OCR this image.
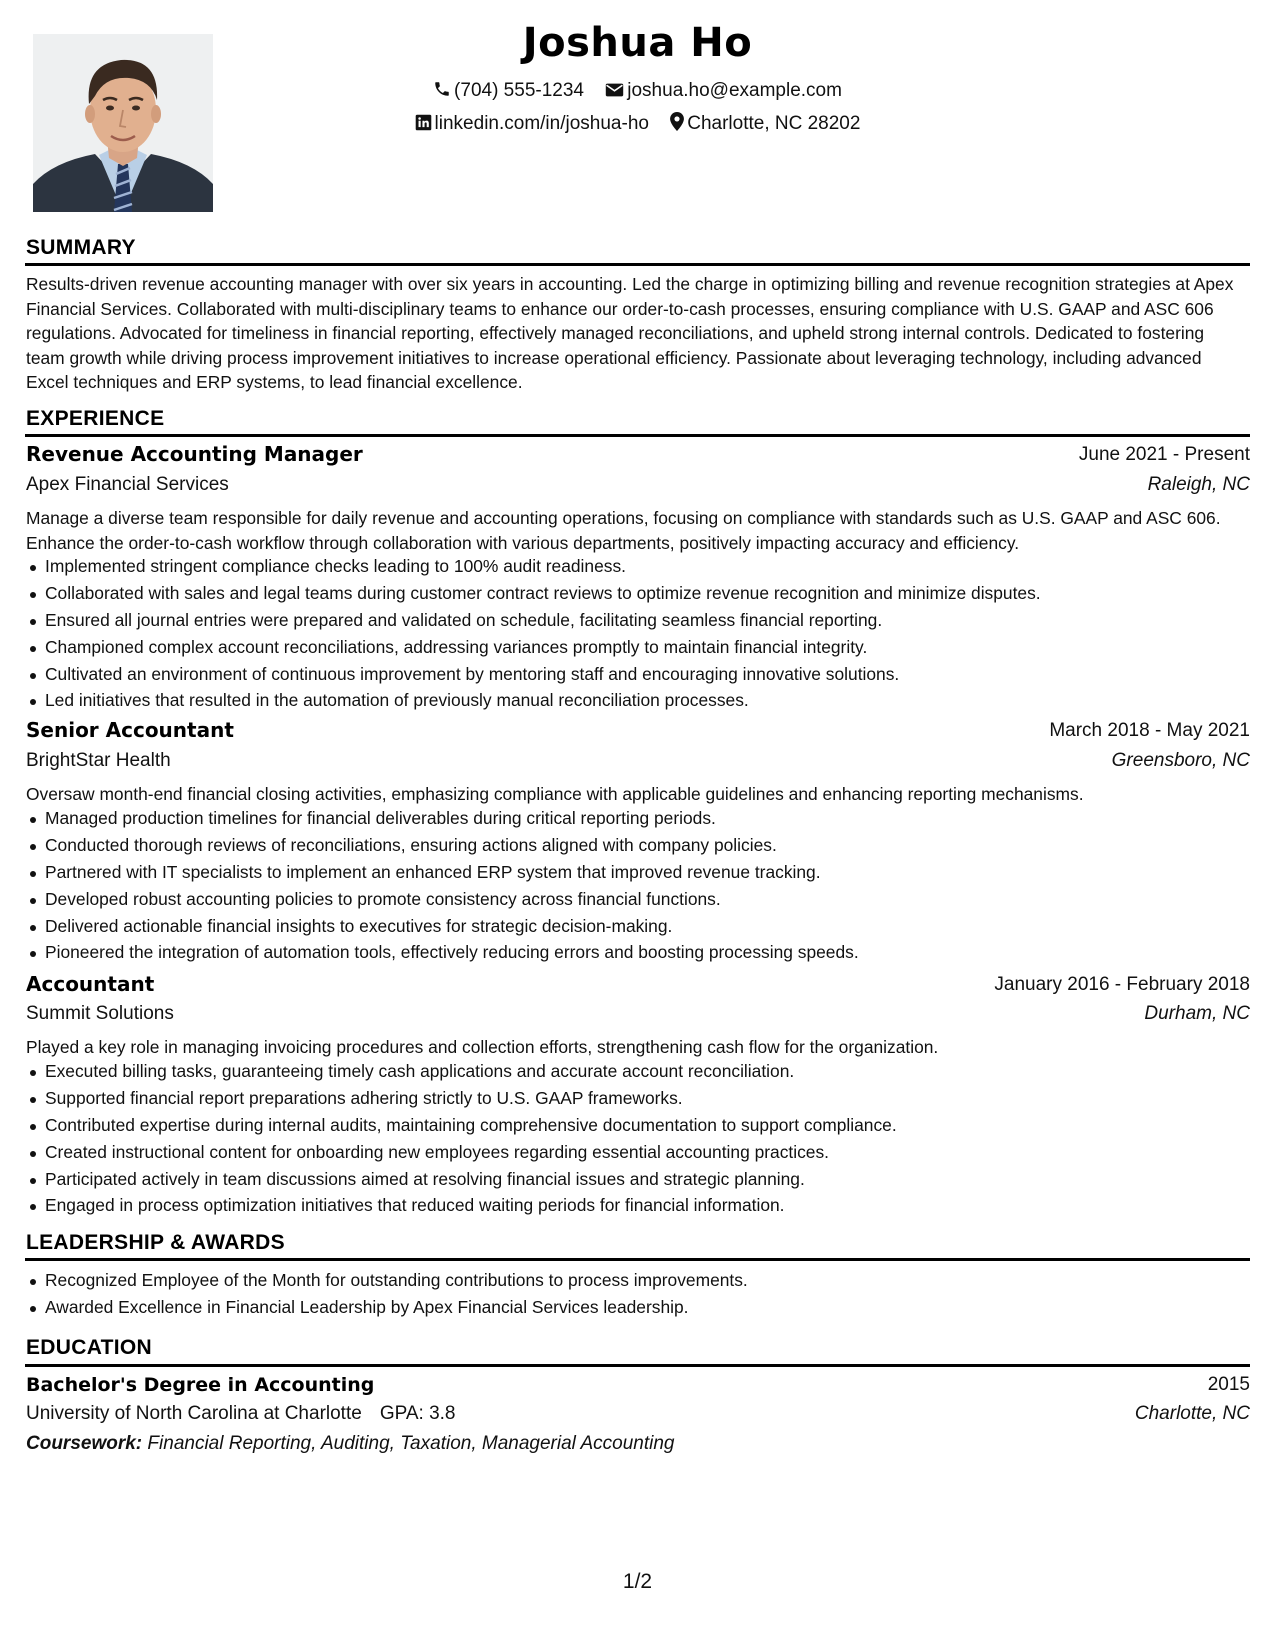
Joshua Ho
(704) 555-1234 joshua.ho@example.com
linkedin.com/in/joshua-ho Charlotte, NC 28202
SUMMARY
Results-driven revenue accounting manager with over six years in accounting. Led the charge in optimizing billing and revenue recognition strategies at Apex Financial Services. Collaborated with multi-disciplinary teams to enhance our order-to-cash processes, ensuring compliance with U.S. GAAP and ASC 606 regulations. Advocated for timeliness in financial reporting, effectively managed reconciliations, and upheld strong internal controls. Dedicated to fostering team growth while driving process improvement initiatives to increase operational efficiency. Passionate about leveraging technology, including advanced Excel techniques and ERP systems, to lead financial excellence.
EXPERIENCE
Revenue Accounting Manager	June 2021 - Present
Apex Financial Services	Raleigh, NC
Manage a diverse team responsible for daily revenue and accounting operations, focusing on compliance with standards such as U.S. GAAP and ASC 606. Enhance the order-to-cash workflow through collaboration with various departments, positively impacting accuracy and efficiency.
Implemented stringent compliance checks leading to 100% audit readiness.
Collaborated with sales and legal teams during customer contract reviews to optimize revenue recognition and minimize disputes.
Ensured all journal entries were prepared and validated on schedule, facilitating seamless financial reporting.
Championed complex account reconciliations, addressing variances promptly to maintain financial integrity.
Cultivated an environment of continuous improvement by mentoring staff and encouraging innovative solutions.
Led initiatives that resulted in the automation of previously manual reconciliation processes.
Senior Accountant	March 2018 - May 2021
BrightStar Health	Greensboro, NC
Oversaw month-end financial closing activities, emphasizing compliance with applicable guidelines and enhancing reporting mechanisms.
Managed production timelines for financial deliverables during critical reporting periods.
Conducted thorough reviews of reconciliations, ensuring actions aligned with company policies.
Partnered with IT specialists to implement an enhanced ERP system that improved revenue tracking.
Developed robust accounting policies to promote consistency across financial functions.
Delivered actionable financial insights to executives for strategic decision-making.
Pioneered the integration of automation tools, effectively reducing errors and boosting processing speeds.
Accountant	January 2016 - February 2018
Summit Solutions	Durham, NC
Played a key role in managing invoicing procedures and collection efforts, strengthening cash flow for the organization.
Executed billing tasks, guaranteeing timely cash applications and accurate account reconciliation.
Supported financial report preparations adhering strictly to U.S. GAAP frameworks.
Contributed expertise during internal audits, maintaining comprehensive documentation to support compliance.
Created instructional content for onboarding new employees regarding essential accounting practices.
Participated actively in team discussions aimed at resolving financial issues and strategic planning.
Engaged in process optimization initiatives that reduced waiting periods for financial information.
LEADERSHIP & AWARDS
Recognized Employee of the Month for outstanding contributions to process improvements.
Awarded Excellence in Financial Leadership by Apex Financial Services leadership.
EDUCATION
Bachelor's Degree in Accounting	2015
University of North Carolina at Charlotte GPA: 3.8	Charlotte, NC
Coursework: Financial Reporting, Auditing, Taxation, Managerial Accounting
1/2
